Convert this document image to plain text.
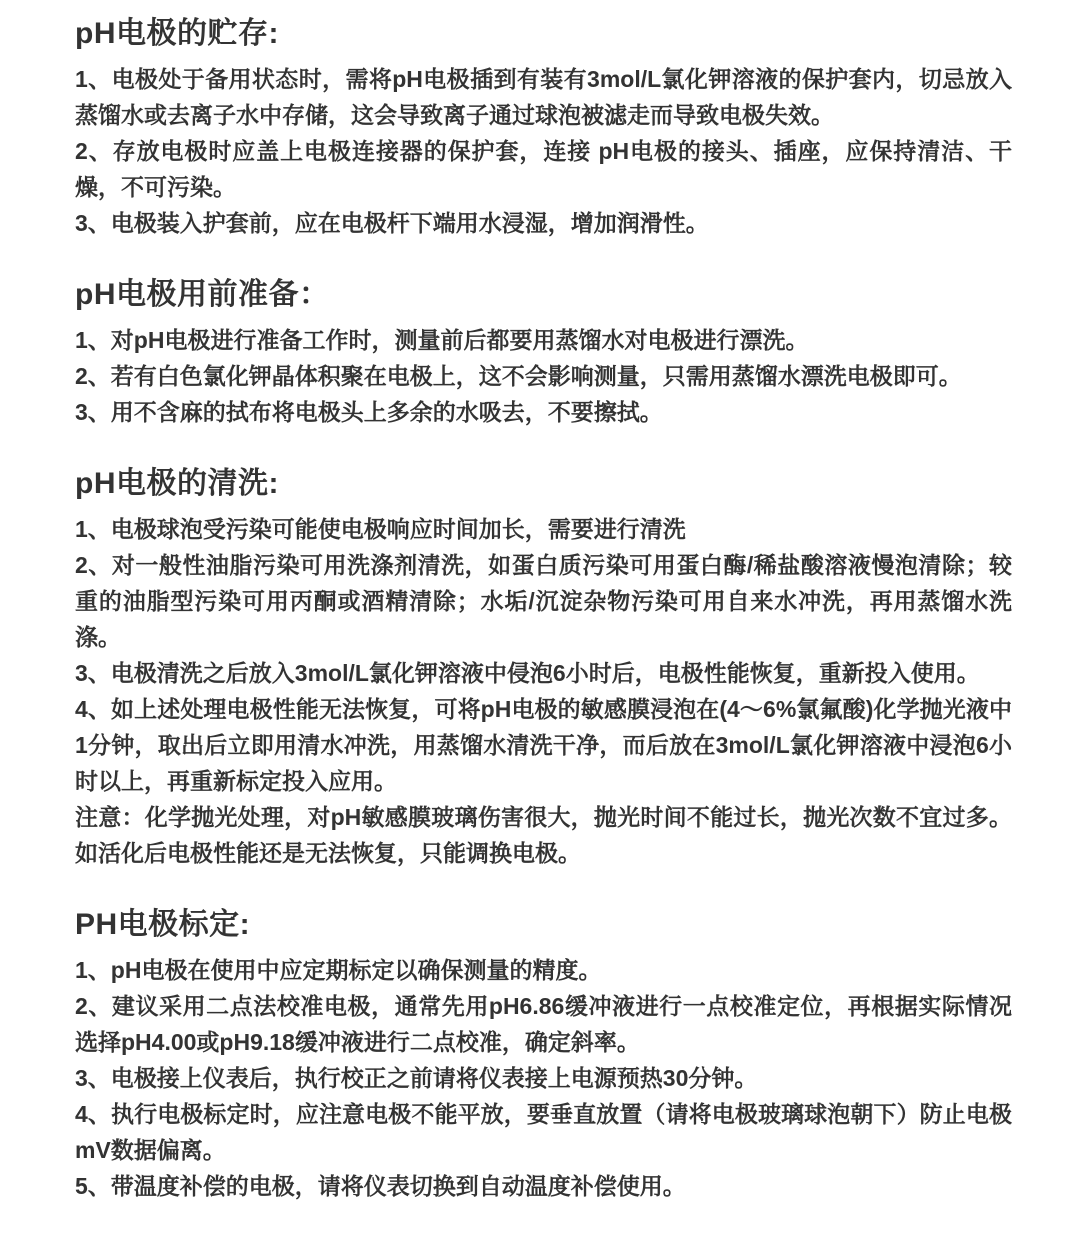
pH电极的贮存:

1、电极处于备用状态时，需将pH电极插到有装有3mol/L氯化钾溶液的保护套内，切忌放入蒸馏水或去离子水中存储，这会导致离子通过球泡被滤走而导致电极失效。

2、存放电极时应盖上电极连接器的保护套，连接 pH电极的接头、插座，应保持清洁、干燥，不可污染。

3、电极装入护套前，应在电极杆下端用水浸湿，增加润滑性。

pH电极用前准备：

1、对pH电极进行准备工作时，测量前后都要用蒸馏水对电极进行漂洗。

2、若有白色氯化钾晶体积聚在电极上，这不会影响测量，只需用蒸馏水漂洗电极即可。

3、用不含麻的拭布将电极头上多余的水吸去，不要擦拭。

pH电极的清洗:

1、电极球泡受污染可能使电极响应时间加长，需要进行清洗

2、对一般性油脂污染可用洗涤剂清洗，如蛋白质污染可用蛋白酶/稀盐酸溶液慢泡清除；较重的油脂型污染可用丙酮或酒精清除；水垢/沉淀杂物污染可用自来水冲洗，再用蒸馏水洗涤。

3、电极清洗之后放入3mol/L氯化钾溶液中侵泡6小时后，电极性能恢复，重新投入使用。

4、如上述处理电极性能无法恢复，可将pH电极的敏感膜浸泡在(4～6%氯氟酸)化学抛光液中1分钟，取出后立即用清水冲洗，用蒸馏水清洗干净，而后放在3mol/L氯化钾溶液中浸泡6小时以上，再重新标定投入应用。

注意：化学抛光处理，对pH敏感膜玻璃伤害很大，抛光时间不能过长，抛光次数不宜过多。如活化后电极性能还是无法恢复，只能调换电极。

PH电极标定:

1、pH电极在使用中应定期标定以确保测量的精度。

2、建议采用二点法校准电极，通常先用pH6.86缓冲液进行一点校准定位，再根据实际情况选择pH4.00或pH9.18缓冲液进行二点校准，确定斜率。

3、电极接上仪表后，执行校正之前请将仪表接上电源预热30分钟。

4、执行电极标定时，应注意电极不能平放，要垂直放置（请将电极玻璃球泡朝下）防止电极mV数据偏离。

5、带温度补偿的电极，请将仪表切换到自动温度补偿使用。
